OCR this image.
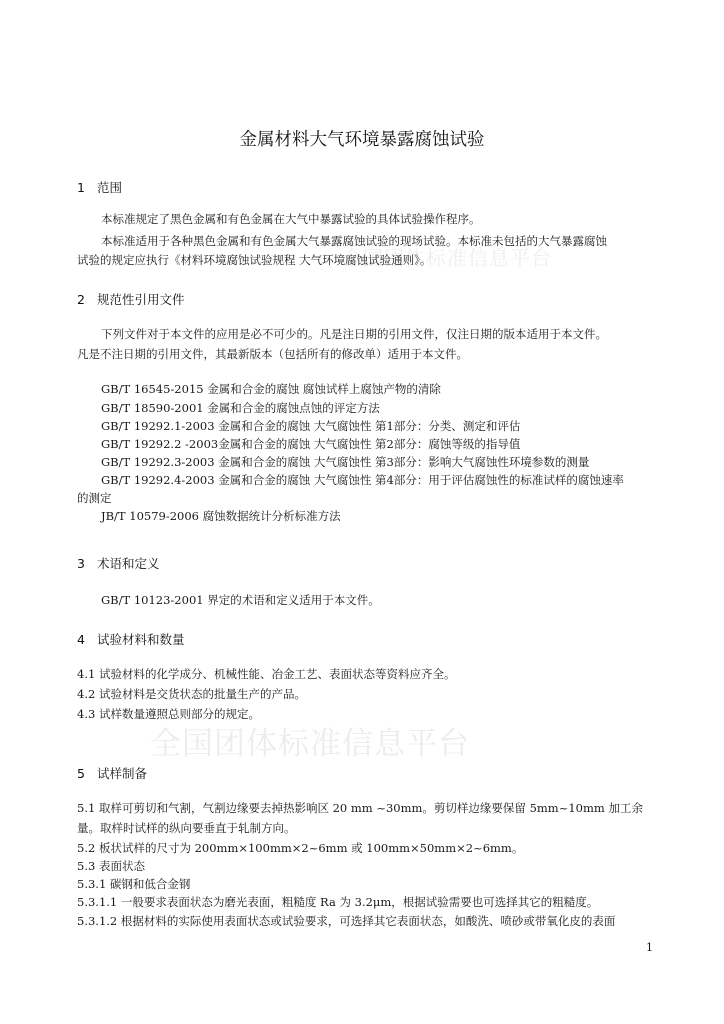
全国团体标准信息平台
全国团体标准信息平台
金属材料大气环境暴露腐蚀试验
1 范围
本标准规定了黑色金属和有色金属在大气中暴露试验的具体试验操作程序。
本标准适用于各种黑色金属和有色金属大气暴露腐蚀试验的现场试验。本标准未包括的大气暴露腐蚀
试验的规定应执行《材料环境腐蚀试验规程 大气环境腐蚀试验通则》。
2 规范性引用文件
下列文件对于本文件的应用是必不可少的。凡是注日期的引用文件，仅注日期的版本适用于本文件。
凡是不注日期的引用文件，其最新版本（包括所有的修改单）适用于本文件。
GB/T 16545-2015 金属和合金的腐蚀 腐蚀试样上腐蚀产物的清除
GB/T 18590-2001 金属和合金的腐蚀点蚀的评定方法
GB/T 19292.1-2003 金属和合金的腐蚀 大气腐蚀性 第1部分：分类、测定和评估
GB/T 19292.2 -2003金属和合金的腐蚀 大气腐蚀性 第2部分：腐蚀等级的指导值
GB/T 19292.3-2003 金属和合金的腐蚀 大气腐蚀性 第3部分：影响大气腐蚀性环境参数的测量
GB/T 19292.4-2003 金属和合金的腐蚀 大气腐蚀性 第4部分：用于评估腐蚀性的标准试样的腐蚀速率
的测定
JB/T 10579-2006 腐蚀数据统计分析标准方法
3 术语和定义
GB/T 10123-2001 界定的术语和定义适用于本文件。
4 试验材料和数量
4.1 试验材料的化学成分、机械性能、冶金工艺、表面状态等资料应齐全。
4.2 试验材料是交货状态的批量生产的产品。
4.3 试样数量遵照总则部分的规定。
5 试样制备
5.1 取样可剪切和气割，气割边缘要去掉热影响区 20 mm ~30mm。剪切样边缘要保留 5mm~10mm 加工余
量。取样时试样的纵向要垂直于轧制方向。
5.2 板状试样的尺寸为 200mm×100mm×2~6mm 或 100mm×50mm×2~6mm。
5.3 表面状态
5.3.1 碳钢和低合金钢
5.3.1.1 一般要求表面状态为磨光表面，粗糙度 Ra 为 3.2μm，根据试验需要也可选择其它的粗糙度。
5.3.1.2 根据材料的实际使用表面状态或试验要求，可选择其它表面状态，如酸洗、喷砂或带氧化皮的表面
1
